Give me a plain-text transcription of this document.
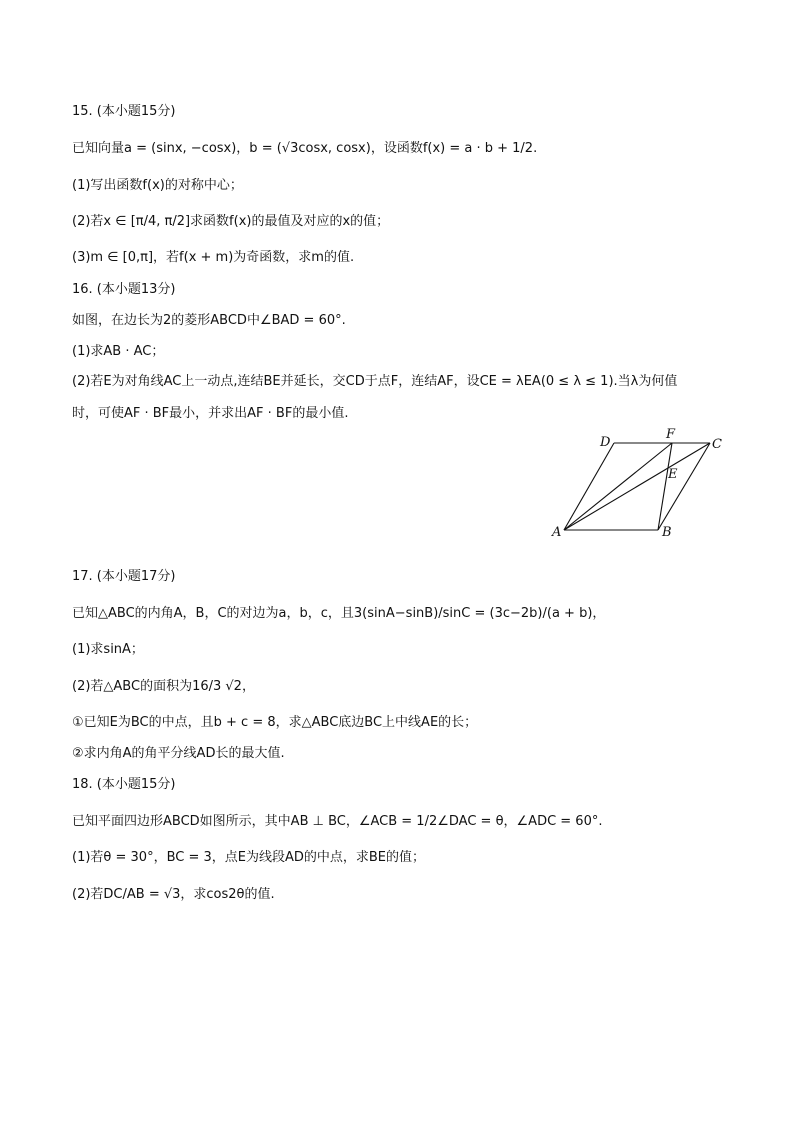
15. (本小题15分)
已知向量a = (sinx, −cosx)，b = (√3cosx, cosx)，设函数f(x) = a · b + 1/2.
(1)写出函数f(x)的对称中心；
(2)若x ∈ [π/4, π/2]求函数f(x)的最值及对应的x的值；
(3)m ∈ [0,π]，若f(x + m)为奇函数，求m的值.
16. (本小题13分)
如图，在边长为2的菱形ABCD中∠BAD = 60°.
(1)求AB · AC；
(2)若E为对角线AC上一动点,连结BE并延长，交CD于点F，连结AF，设CE = λEA(0 ≤ λ ≤ 1).当λ为何值
时，可使AF · BF最小，并求出AF · BF的最小值.
A	B
C
D
E
F
17. (本小题17分)
已知△ABC的内角A，B，C的对边为a，b，c，且3(sinA−sinB)/sinC = (3c−2b)/(a + b)，
(1)求sinA；
(2)若△ABC的面积为16/3 √2，
①已知E为BC的中点，且b + c = 8，求△ABC底边BC上中线AE的长；
②求内角A的角平分线AD长的最大值.
18. (本小题15分)
已知平面四边形ABCD如图所示，其中AB ⊥ BC，∠ACB = 1/2∠DAC = θ，∠ADC = 60°.
(1)若θ = 30°，BC = 3，点E为线段AD的中点，求BE的值；
(2)若DC/AB = √3，求cos2θ的值.
